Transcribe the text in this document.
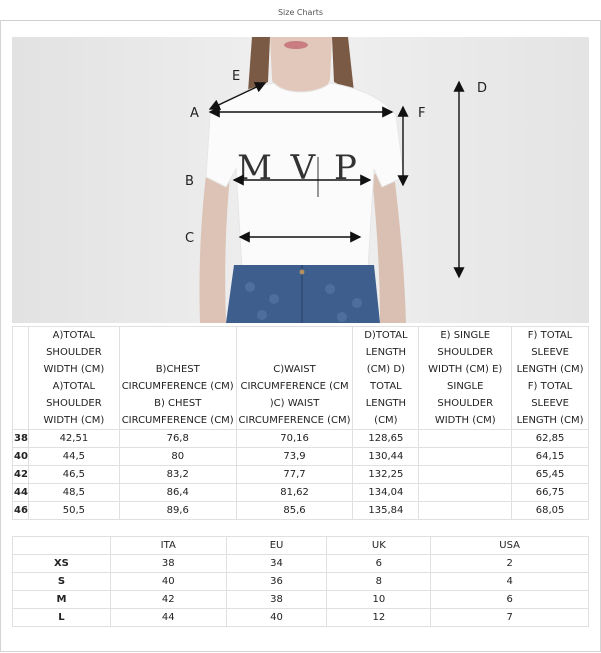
Size Charts
M V P
A
B
C
D
E
F
	A)TOTAL SHOULDER WIDTH (CM) A)TOTAL SHOULDER WIDTH (CM)	B)CHEST CIRCUMFERENCE (CM) B) CHEST CIRCUMFERENCE (CM)	C)WAIST CIRCUMFERENCE (CM )C) WAIST CIRCUMFERENCE (CM)	D)TOTAL LENGTH (CM) D) TOTAL LENGTH (CM)	E) SINGLE SHOULDER WIDTH (CM) E) SINGLE SHOULDER WIDTH (CM)	F) TOTAL SLEEVE LENGTH (CM) F) TOTAL SLEEVE LENGTH (CM)
38	42,51	76,8	70,16	128,65		62,85
40	44,5	80	73,9	130,44		64,15
42	46,5	83,2	77,7	132,25		65,45
44	48,5	86,4	81,62	134,04		66,75
46	50,5	89,6	85,6	135,84		68,05
	ITA	EU	UK	USA
XS	38	34	6	2
S	40	36	8	4
M	42	38	10	6
L	44	40	12	7
